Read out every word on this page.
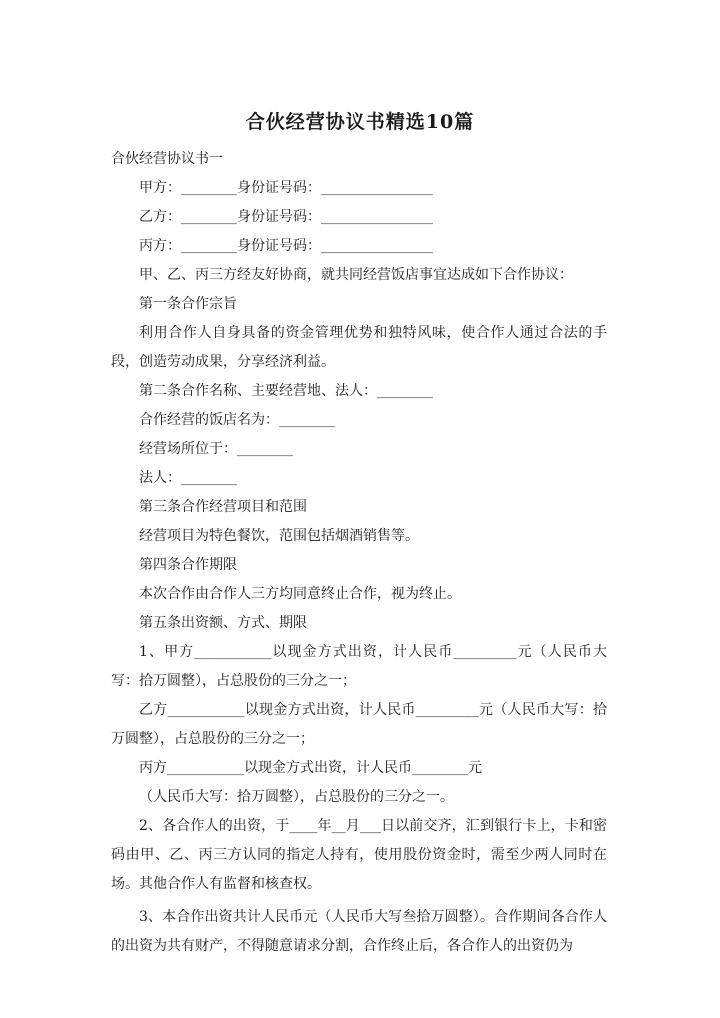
合伙经营协议书精选10篇

合伙经营协议书一

甲方：________身份证号码：________________

乙方：________身份证号码：________________

丙方：________身份证号码：________________

甲、乙、丙三方经友好协商，就共同经营饭店事宜达成如下合作协议：

第一条合作宗旨

利用合作人自身具备的资金管理优势和独特风味，使合作人通过合法的手段，创造劳动成果，分享经济利益。

第二条合作名称、主要经营地、法人：________

合作经营的饭店名为：________

经营场所位于：________

法人：________

第三条合作经营项目和范围

经营项目为特色餐饮，范围包括烟酒销售等。

第四条合作期限

本次合作由合作人三方均同意终止合作，视为终止。

第五条出资额、方式、期限

1、甲方___________以现金方式出资，计人民币_________元（人民币大写：拾万圆整），占总股份的三分之一；

乙方___________以现金方式出资，计人民币_________元（人民币大写：拾万圆整），占总股份的三分之一；

丙方___________以现金方式出资，计人民币________元

（人民币大写：拾万圆整），占总股份的三分之一。

2、各合作人的出资，于____年__月___日以前交齐，汇到银行卡上，卡和密码由甲、乙、丙三方认同的指定人持有，使用股份资金时，需至少两人同时在场。其他合作人有监督和核查权。

3、本合作出资共计人民币元（人民币大写叁拾万圆整）。合作期间各合作人的出资为共有财产，不得随意请求分割，合作终止后，各合作人的出资仍为
